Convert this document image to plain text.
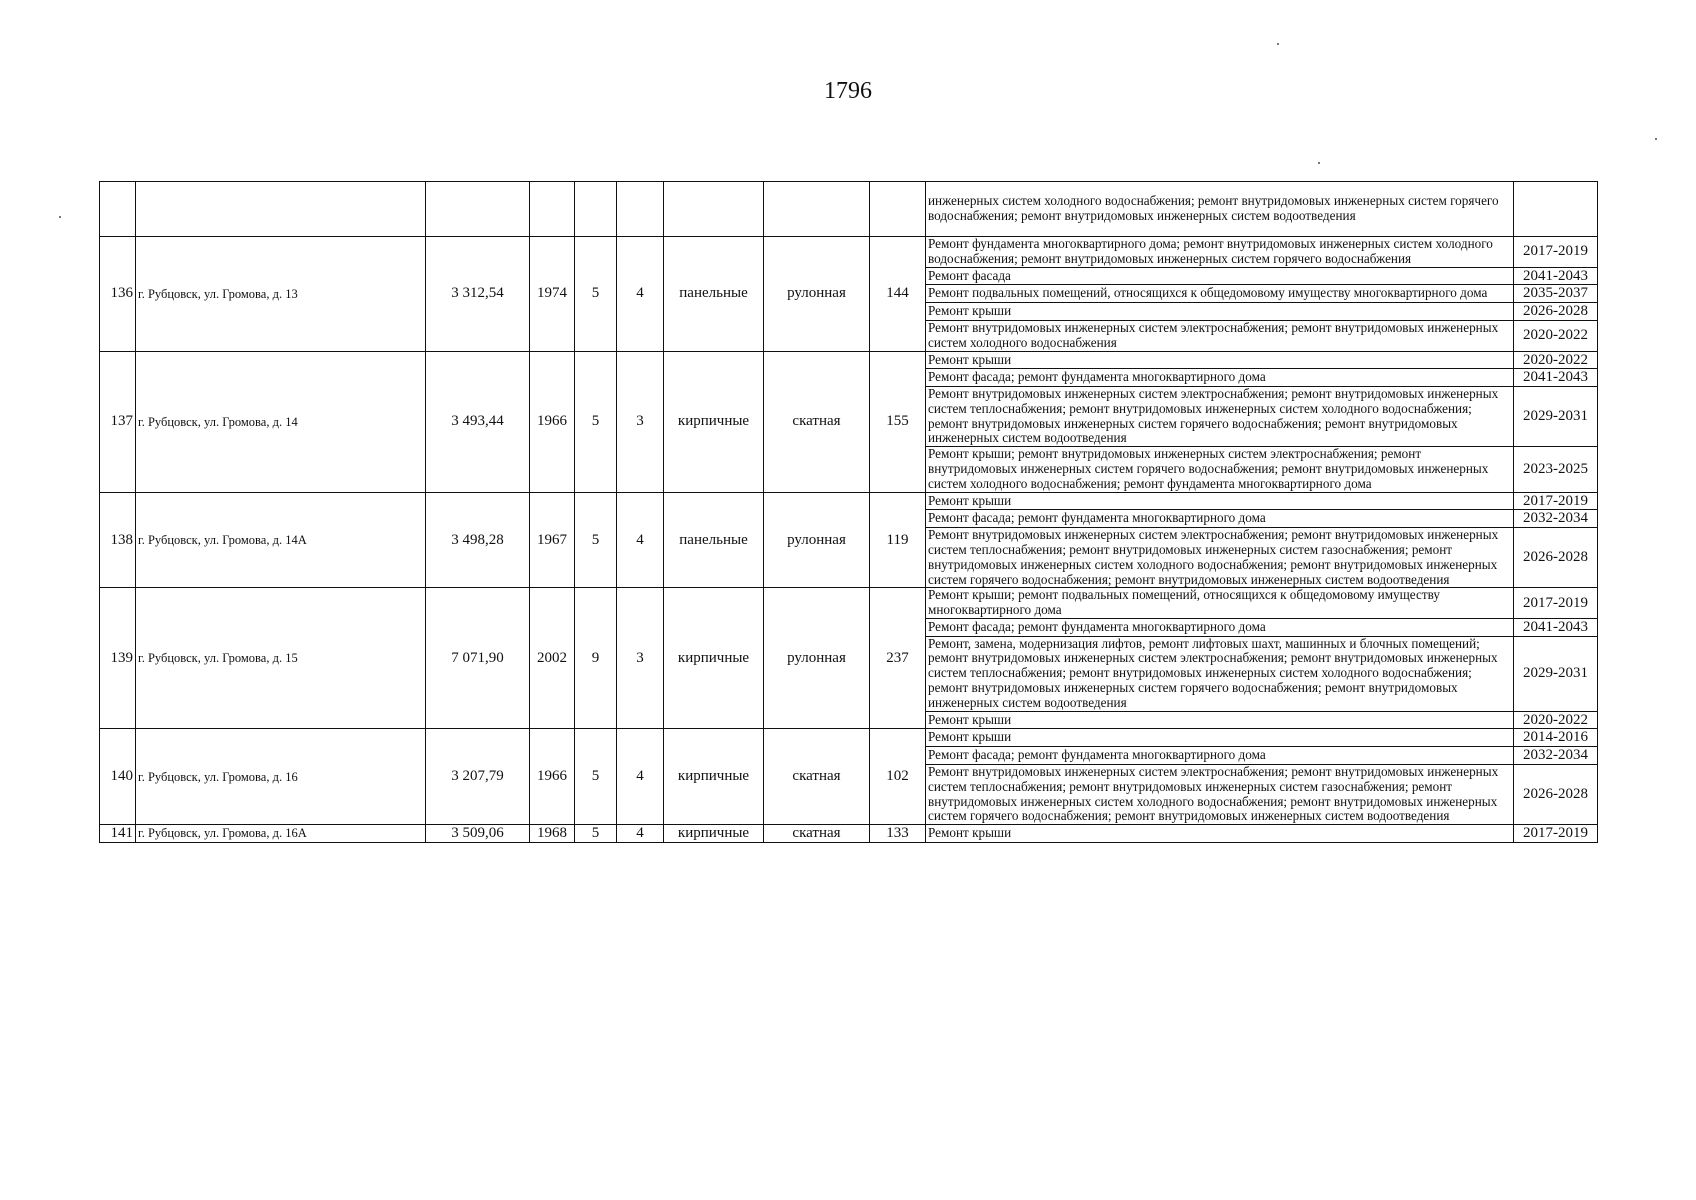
1796
									инженерных систем холодного водоснабжения; ремонт внутридомовых инженерных систем горячего водоснабжения; ремонт внутридомовых инженерных систем водоотведения	
136	г. Рубцовск, ул. Громова, д. 13	3 312,54	1974	5	4	панельные	рулонная	144	Ремонт фундамента многоквартирного дома; ремонт внутридомовых инженерных систем холодного водоснабжения; ремонт внутридомовых инженерных систем горячего водоснабжения	2017-2019
									Ремонт фасада	2041-2043
									Ремонт подвальных помещений, относящихся к общедомовому имуществу многоквартирного дома	2035-2037
									Ремонт крыши	2026-2028
									Ремонт внутридомовых инженерных систем электроснабжения; ремонт внутридомовых инженерных систем холодного водоснабжения	2020-2022
137	г. Рубцовск, ул. Громова, д. 14	3 493,44	1966	5	3	кирпичные	скатная	155	Ремонт крыши	2020-2022
									Ремонт фасада; ремонт фундамента многоквартирного дома	2041-2043
									Ремонт внутридомовых инженерных систем электроснабжения; ремонт внутридомовых инженерных систем теплоснабжения; ремонт внутридомовых инженерных систем холодного водоснабжения; ремонт внутридомовых инженерных систем горячего водоснабжения; ремонт внутридомовых инженерных систем водоотведения	2029-2031
									Ремонт крыши; ремонт внутридомовых инженерных систем электроснабжения; ремонт внутридомовых инженерных систем горячего водоснабжения; ремонт внутридомовых инженерных систем холодного водоснабжения; ремонт фундамента многоквартирного дома	2023-2025
138	г. Рубцовск, ул. Громова, д. 14А	3 498,28	1967	5	4	панельные	рулонная	119	Ремонт крыши	2017-2019
									Ремонт фасада; ремонт фундамента многоквартирного дома	2032-2034
									Ремонт внутридомовых инженерных систем электроснабжения; ремонт внутридомовых инженерных систем теплоснабжения; ремонт внутридомовых инженерных систем газоснабжения; ремонт внутридомовых инженерных систем холодного водоснабжения; ремонт внутридомовых инженерных систем горячего водоснабжения; ремонт внутридомовых инженерных систем водоотведения	2026-2028
139	г. Рубцовск, ул. Громова, д. 15	7 071,90	2002	9	3	кирпичные	рулонная	237	Ремонт крыши; ремонт подвальных помещений, относящихся к общедомовому имуществу многоквартирного дома	2017-2019
									Ремонт фасада; ремонт фундамента многоквартирного дома	2041-2043
									Ремонт, замена, модернизация лифтов, ремонт лифтовых шахт, машинных и блочных помещений; ремонт внутридомовых инженерных систем электроснабжения; ремонт внутридомовых инженерных систем теплоснабжения; ремонт внутридомовых инженерных систем холодного водоснабжения; ремонт внутридомовых инженерных систем горячего водоснабжения; ремонт внутридомовых инженерных систем водоотведения	2029-2031
									Ремонт крыши	2020-2022
140	г. Рубцовск, ул. Громова, д. 16	3 207,79	1966	5	4	кирпичные	скатная	102	Ремонт крыши	2014-2016
									Ремонт фасада; ремонт фундамента многоквартирного дома	2032-2034
									Ремонт внутридомовых инженерных систем электроснабжения; ремонт внутридомовых инженерных систем теплоснабжения; ремонт внутридомовых инженерных систем газоснабжения; ремонт внутридомовых инженерных систем холодного водоснабжения; ремонт внутридомовых инженерных систем горячего водоснабжения; ремонт внутридомовых инженерных систем водоотведения	2026-2028
141	г. Рубцовск, ул. Громова, д. 16А	3 509,06	1968	5	4	кирпичные	скатная	133	Ремонт крыши	2017-2019
